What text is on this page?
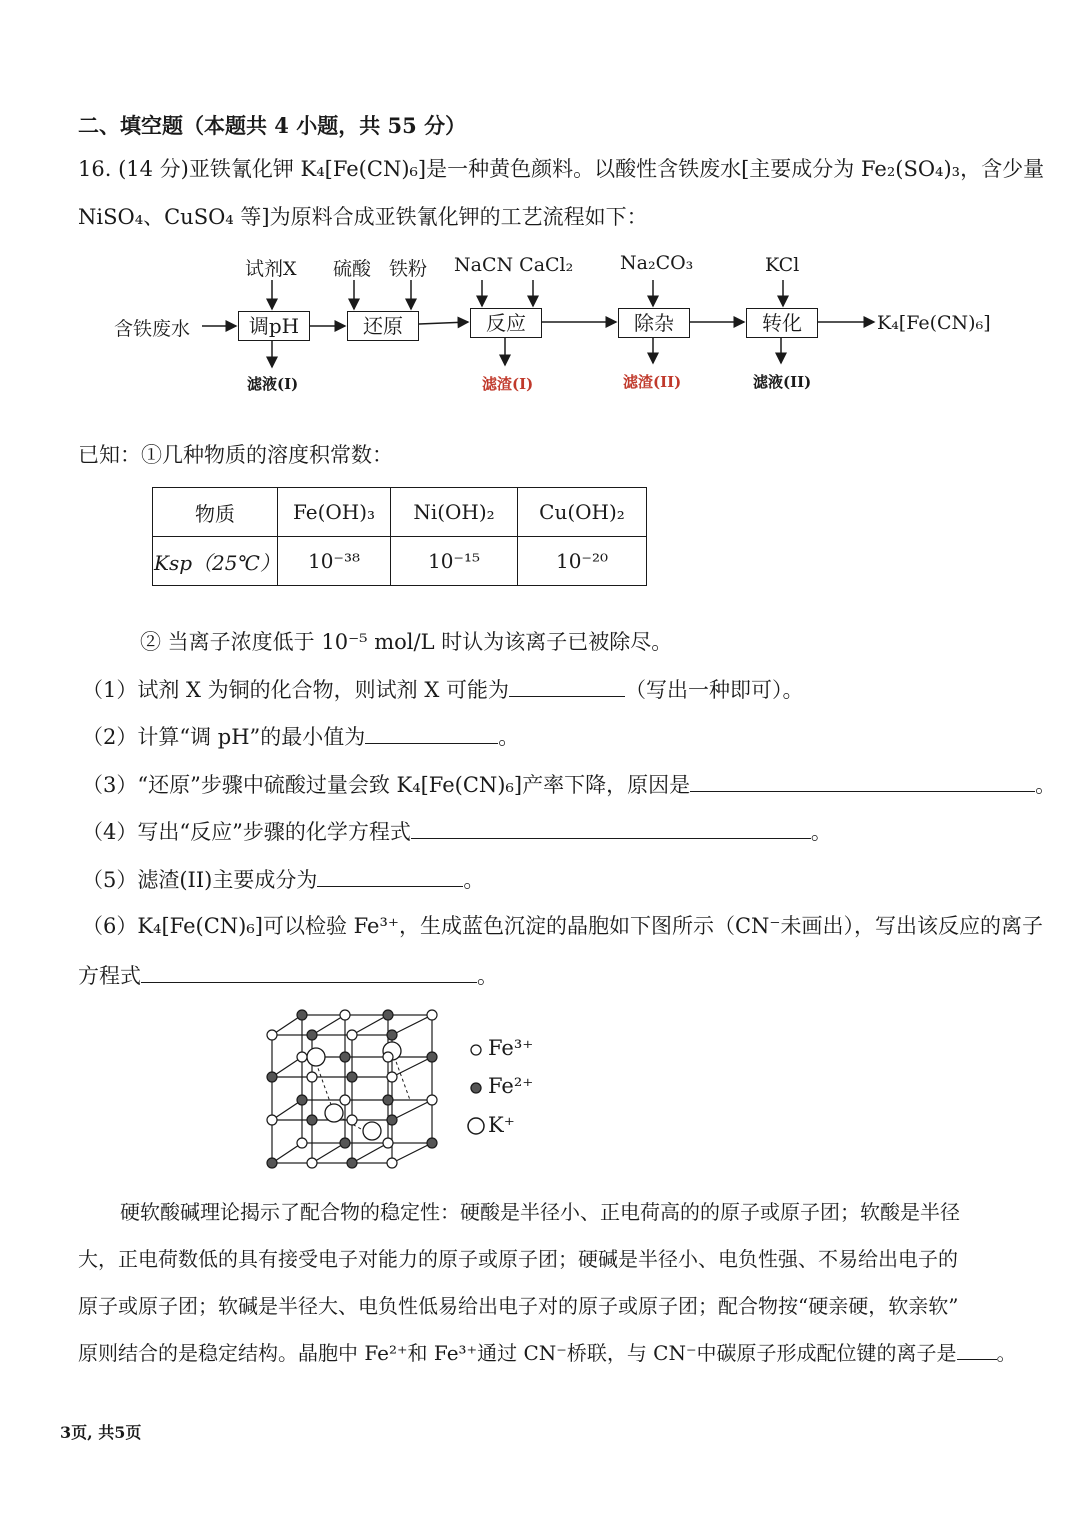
二、填空题（本题共 4 小题，共 55 分）
16. (14 分)亚铁氰化钾 K₄[Fe(CN)₆]是一种黄色颜料。以酸性含铁废水[主要成分为 Fe₂(SO₄)₃，含少量
NiSO₄、CuSO₄ 等]为原料合成亚铁氰化钾的工艺流程如下：
试剂X 硫酸 铁粉 NaCN CaCl₂ Na₂CO₃	KCl
含铁废水	K₄[Fe(CN)₆]
调pH	还原	反应	除杂	转化
滤液(I)	滤渣(I)	滤渣(II)	滤液(II)
已知：①几种物质的溶度积常数：
物质	Fe(OH)₃	Ni(OH)₂	Cu(OH)₂
Ksp（25℃）	10⁻³⁸	10⁻¹⁵	10⁻²⁰
② 当离子浓度低于 10⁻⁵ mol/L 时认为该离子已被除尽。
（1）试剂 X 为铜的化合物，则试剂 X 可能为	（写出一种即可）。
（2）计算“调 pH”的最小值为	。
（3）“还原”步骤中硫酸过量会致 K₄[Fe(CN)₆]产率下降，原因是	。
（4）写出“反应”步骤的化学方程式	。
（5）滤渣(II)主要成分为	。
（6）K₄[Fe(CN)₆]可以检验 Fe³⁺，生成蓝色沉淀的晶胞如下图所示（CN⁻未画出），写出该反应的离子
方程式	。
Fe³⁺
Fe²⁺
K⁺
硬软酸碱理论揭示了配合物的稳定性：硬酸是半径小、正电荷高的的原子或原子团；软酸是半径
大，正电荷数低的具有接受电子对能力的原子或原子团；硬碱是半径小、电负性强、不易给出电子的
原子或原子团；软碱是半径大、电负性低易给出电子对的原子或原子团；配合物按“硬亲硬，软亲软”
原则结合的是稳定结构。晶胞中 Fe²⁺和 Fe³⁺通过 CN⁻桥联，与 CN⁻中碳原子形成配位键的离子是 。
3页, 共5页
